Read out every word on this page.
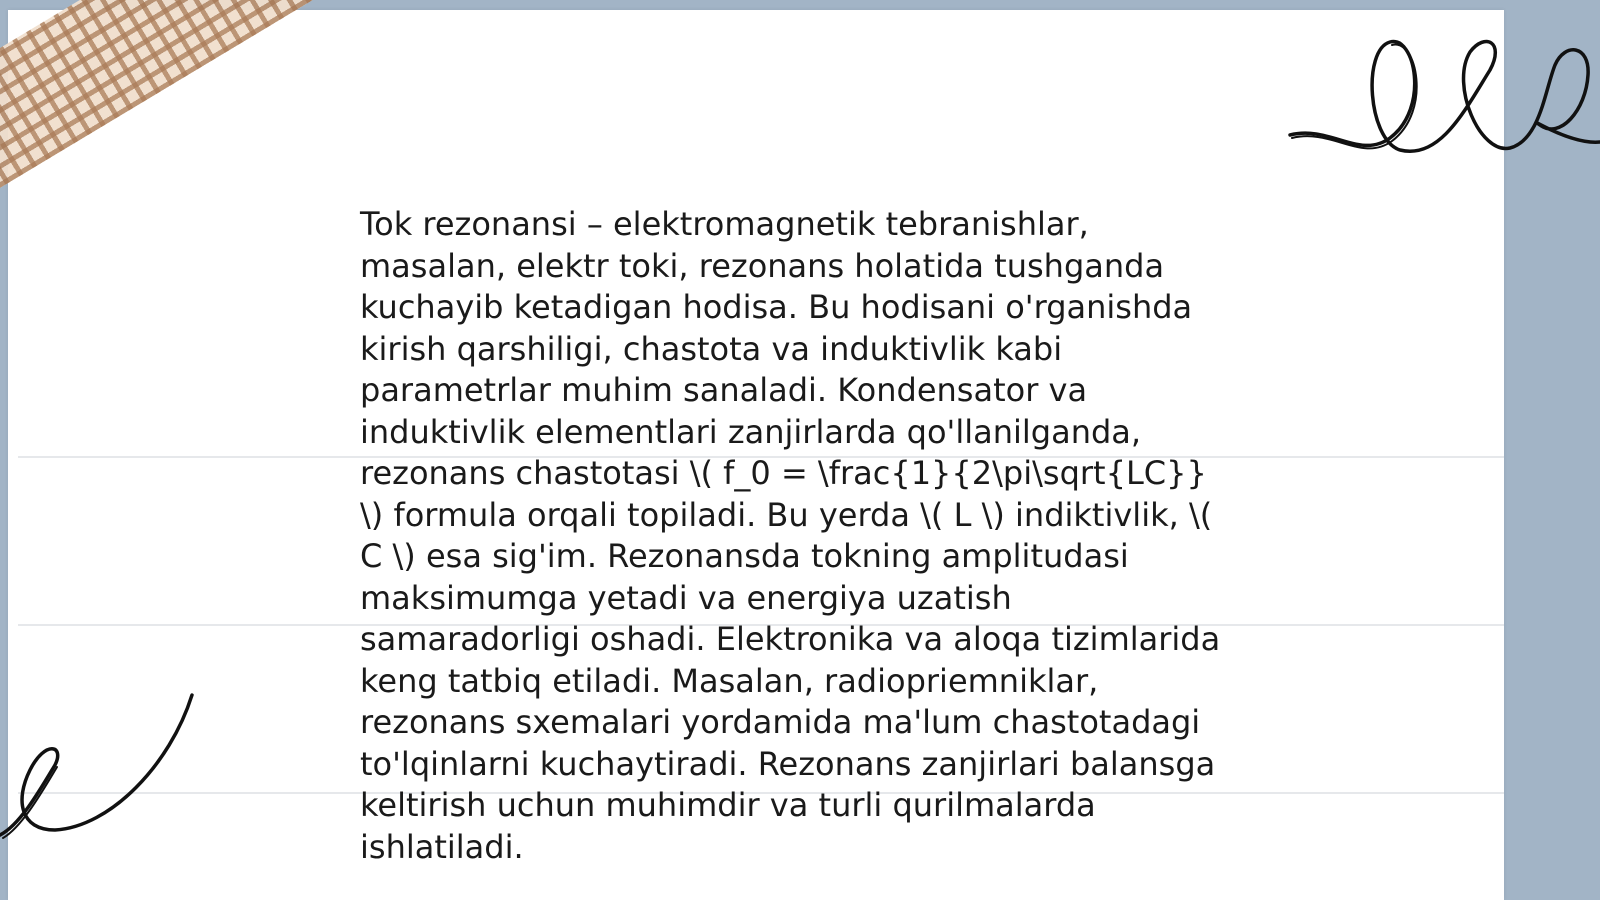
Tok rezonansi – elektromagnetik tebranishlar, masalan, elektr toki, rezonans holatida tushganda kuchayib ketadigan hodisa. Bu hodisani o'rganishda kirish qarshiligi, chastota va induktivlik kabi parametrlar muhim sanaladi. Kondensator va induktivlik elementlari zanjirlarda qo'llanilganda, rezonans chastotasi \( f_0 = \frac{1}{2\pi\sqrt{LC}} \) formula orqali topiladi. Bu yerda \( L \) indiktivlik, \( C \) esa sig'im. Rezonansda tokning amplitudasi maksimumga yetadi va energiya uzatish samaradorligi oshadi. Elektronika va aloqa tizimlarida keng tatbiq etiladi. Masalan, radiopriemniklar, rezonans sxemalari yordamida ma'lum chastotadagi to'lqinlarni kuchaytiradi. Rezonans zanjirlari balansga keltirish uchun muhimdir va turli qurilmalarda ishlatiladi.
